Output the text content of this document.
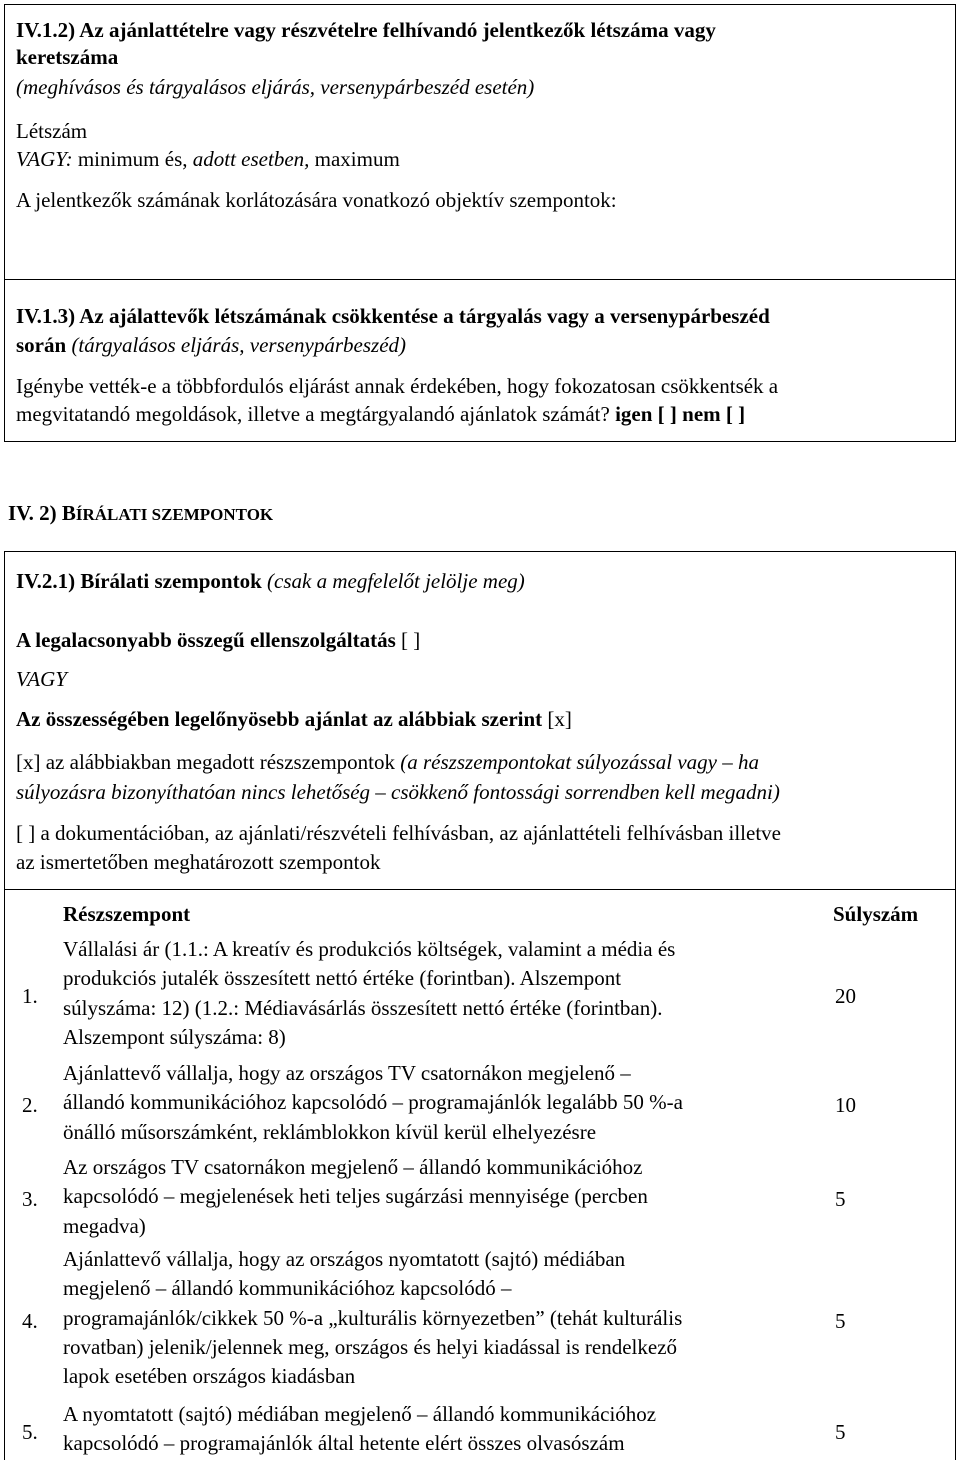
IV.1.2) Az ajánlattételre vagy részvételre felhívandó jelentkezők létszáma vagy
keretszáma
(meghívásos és tárgyalásos eljárás, versenypárbeszéd esetén)
Létszám
VAGY: minimum és, adott esetben, maximum
A jelentkezők számának korlátozására vonatkozó objektív szempontok:
IV.1.3) Az ajálattevők létszámának csökkentése a tárgyalás vagy a versenypárbeszéd
során (tárgyalásos eljárás, versenypárbeszéd)
Igénybe vették-e a többfordulós eljárást annak érdekében, hogy fokozatosan csökkentsék a
megvitatandó megoldások, illetve a megtárgyalandó ajánlatok számát? igen [ ] nem [ ]
IV. 2) BÍRÁLATI SZEMPONTOK
IV.2.1) Bírálati szempontok (csak a megfelelőt jelölje meg)
A legalacsonyabb összegű ellenszolgáltatás [ ]
VAGY
Az összességében legelőnyösebb ajánlat az alábbiak szerint [x]
[x] az alábbiakban megadott részszempontok (a részszempontokat súlyozással vagy – ha
súlyozásra bizonyíthatóan nincs lehetőség – csökkenő fontossági sorrendben kell megadni)
[ ] a dokumentációban, az ajánlati/részvételi felhívásban, az ajánlattételi felhívásban illetve
az ismertetőben meghatározott szempontok
Részszempont	Súlyszám
1.
Vállalási ár (1.1.: A kreatív és produkciós költségek, valamint a média és
produkciós jutalék összesített nettó értéke (forintban). Alszempont
súlyszáma: 12) (1.2.: Médiavásárlás összesített nettó értéke (forintban).
Alszempont súlyszáma: 8)
20
2.
Ajánlattevő vállalja, hogy az országos TV csatornákon megjelenő –
állandó kommunikációhoz kapcsolódó – programajánlók legalább 50 %-a
önálló műsorszámként, reklámblokkon kívül kerül elhelyezésre
10
3.
Az országos TV csatornákon megjelenő – állandó kommunikációhoz
kapcsolódó – megjelenések heti teljes sugárzási mennyisége (percben
megadva)
5
4.
Ajánlattevő vállalja, hogy az országos nyomtatott (sajtó) médiában
megjelenő – állandó kommunikációhoz kapcsolódó –
programajánlók/cikkek 50 %-a „kulturális környezetben” (tehát kulturális
rovatban) jelenik/jelennek meg, országos és helyi kiadással is rendelkező
lapok esetében országos kiadásban
5
5.
A nyomtatott (sajtó) médiában megjelenő – állandó kommunikációhoz
kapcsolódó – programajánlók által hetente elért összes olvasószám	5
